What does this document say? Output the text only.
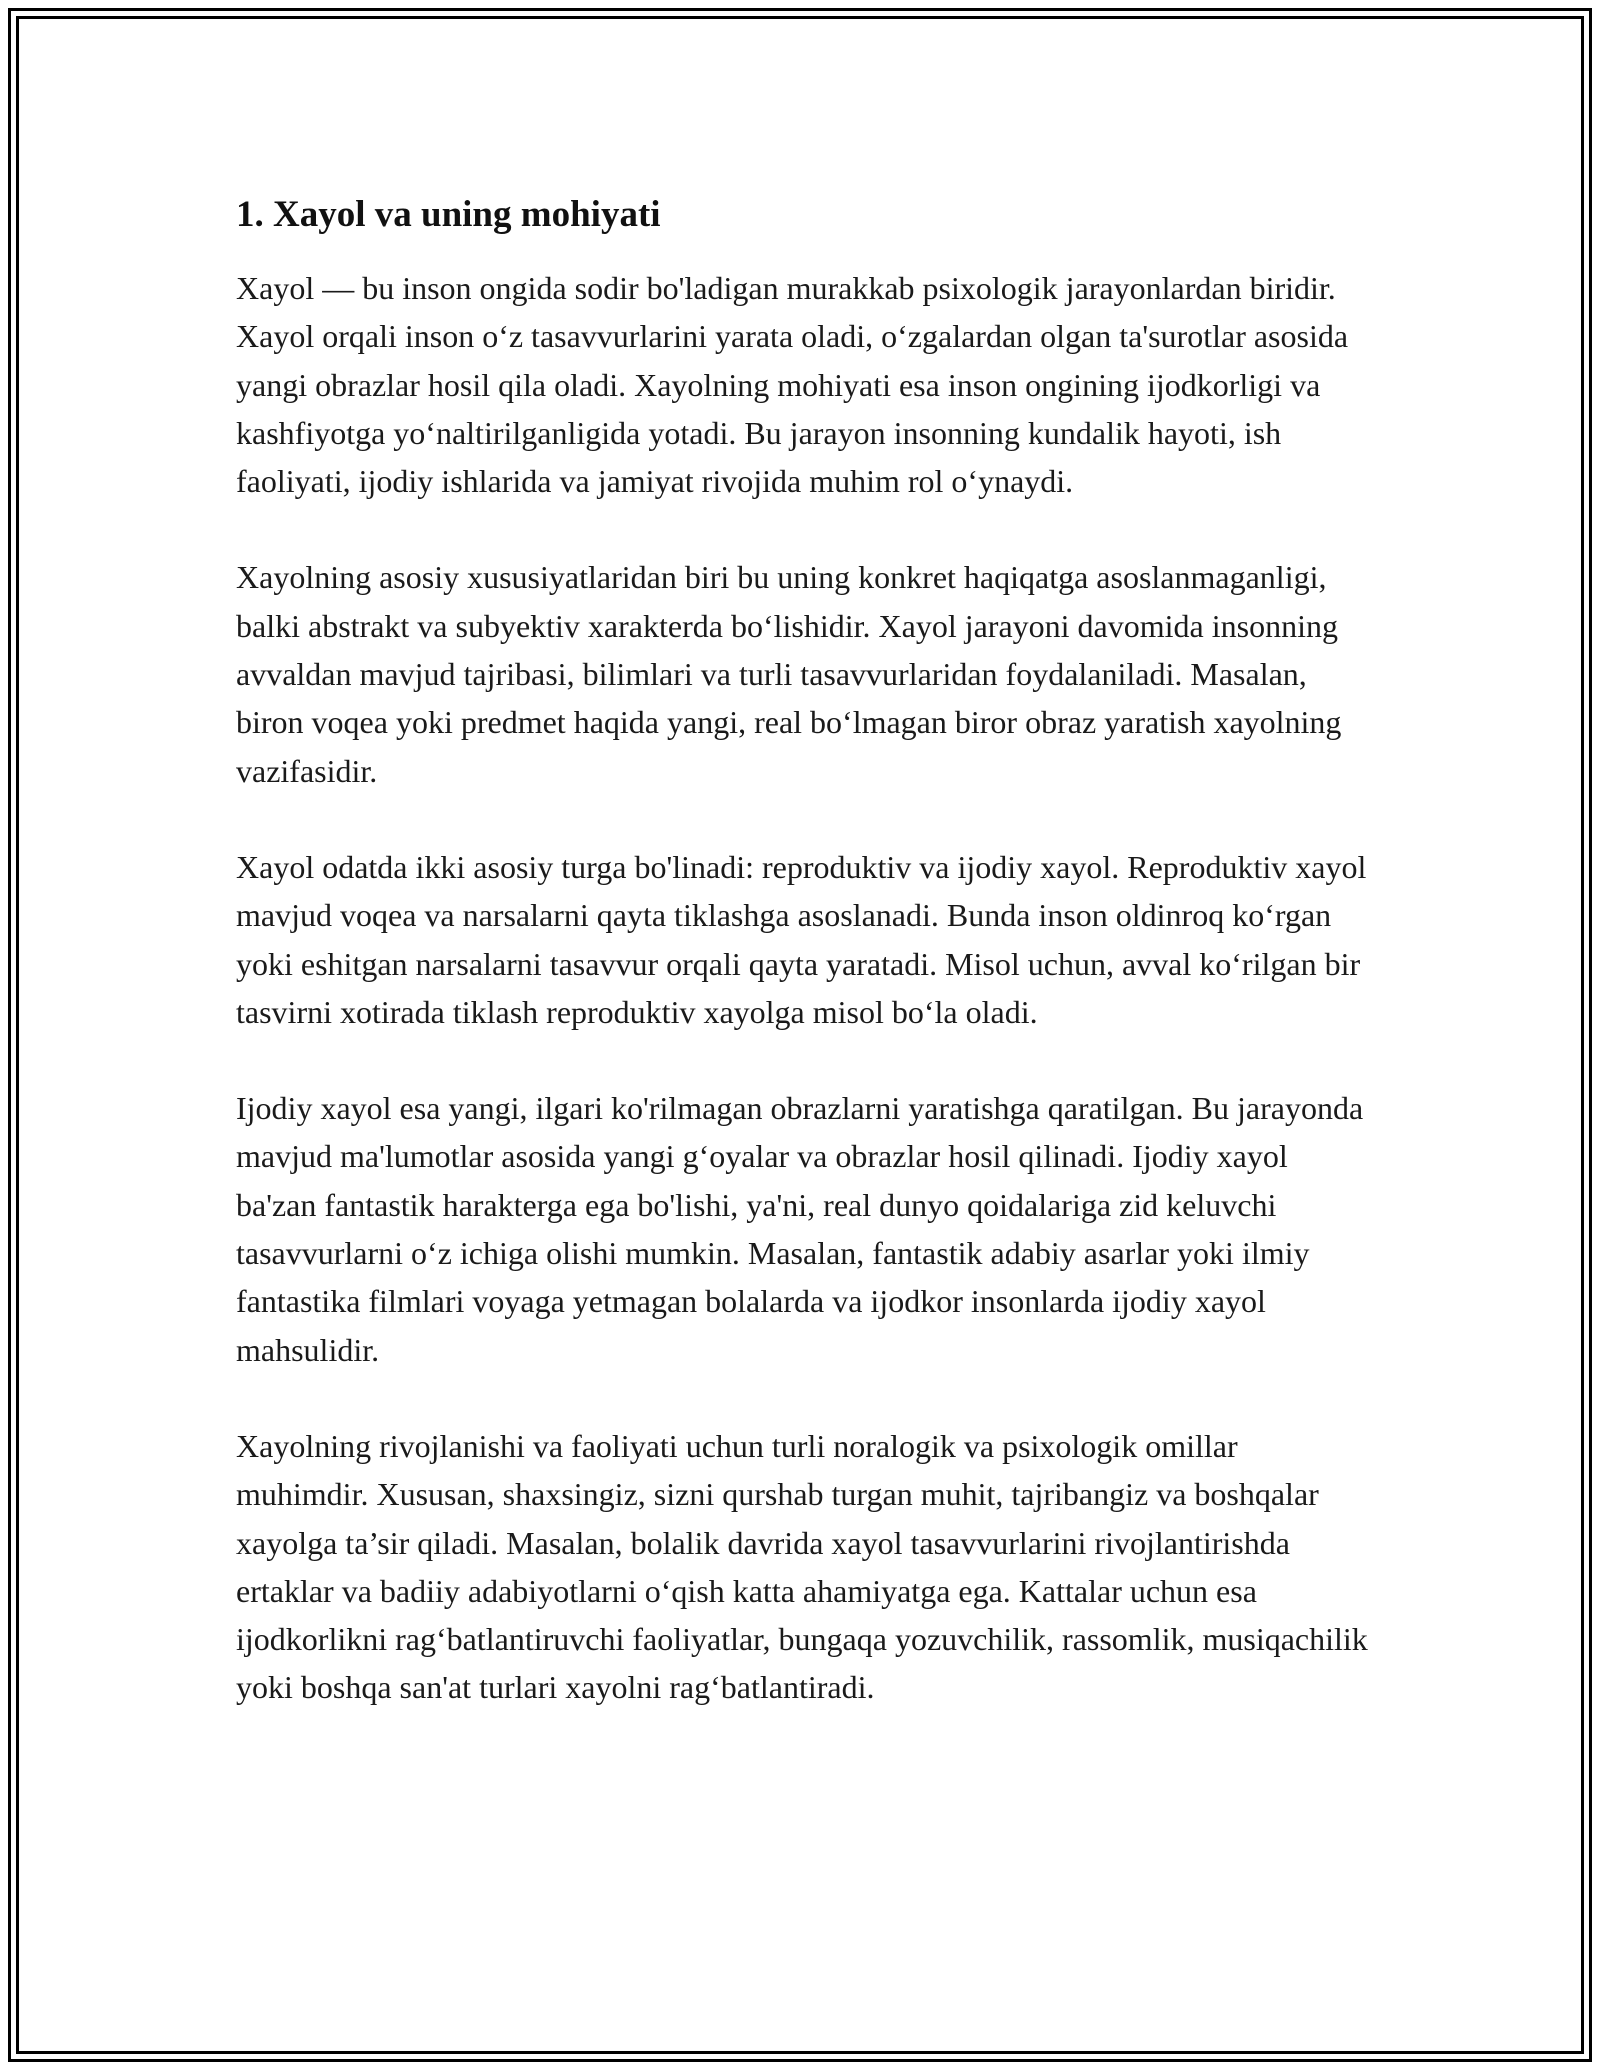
1. Xayol va uning mohiyati

Xayol — bu inson ongida sodir bo'ladigan murakkab psixologik jarayonlardan biridir. Xayol orqali inson o‘z tasavvurlarini yarata oladi, o‘zgalardan olgan ta'surotlar asosida yangi obrazlar hosil qila oladi. Xayolning mohiyati esa inson ongining ijodkorligi va kashfiyotga yo‘naltirilganligida yotadi. Bu jarayon insonning kundalik hayoti, ish faoliyati, ijodiy ishlarida va jamiyat rivojida muhim rol o‘ynaydi.

Xayolning asosiy xususiyatlaridan biri bu uning konkret haqiqatga asoslanmaganligi, balki abstrakt va subyektiv xarakterda bo‘lishidir. Xayol jarayoni davomida insonning avvaldan mavjud tajribasi, bilimlari va turli tasavvurlaridan foydalaniladi. Masalan, biron voqea yoki predmet haqida yangi, real bo‘lmagan biror obraz yaratish xayolning vazifasidir.

Xayol odatda ikki asosiy turga bo'linadi: reproduktiv va ijodiy xayol. Reproduktiv xayol mavjud voqea va narsalarni qayta tiklashga asoslanadi. Bunda inson oldinroq ko‘rgan yoki eshitgan narsalarni tasavvur orqali qayta yaratadi. Misol uchun, avval ko‘rilgan bir tasvirni xotirada tiklash reproduktiv xayolga misol bo‘la oladi.

Ijodiy xayol esa yangi, ilgari ko'rilmagan obrazlarni yaratishga qaratilgan. Bu jarayonda mavjud ma'lumotlar asosida yangi g‘oyalar va obrazlar hosil qilinadi. Ijodiy xayol ba'zan fantastik harakterga ega bo'lishi, ya'ni, real dunyo qoidalariga zid keluvchi tasavvurlarni o‘z ichiga olishi mumkin. Masalan, fantastik adabiy asarlar yoki ilmiy fantastika filmlari voyaga yetmagan bolalarda va ijodkor insonlarda ijodiy xayol mahsulidir.

Xayolning rivojlanishi va faoliyati uchun turli noralogik va psixologik omillar muhimdir. Xususan, shaxsingiz, sizni qurshab turgan muhit, tajribangiz va boshqalar xayolga ta’sir qiladi. Masalan, bolalik davrida xayol tasavvurlarini rivojlantirishda ertaklar va badiiy adabiyotlarni o‘qish katta ahamiyatga ega. Kattalar uchun esa ijodkorlikni rag‘batlantiruvchi faoliyatlar, bungaqa yozuvchilik, rassomlik, musiqachilik yoki boshqa san'at turlari xayolni rag‘batlantiradi.
